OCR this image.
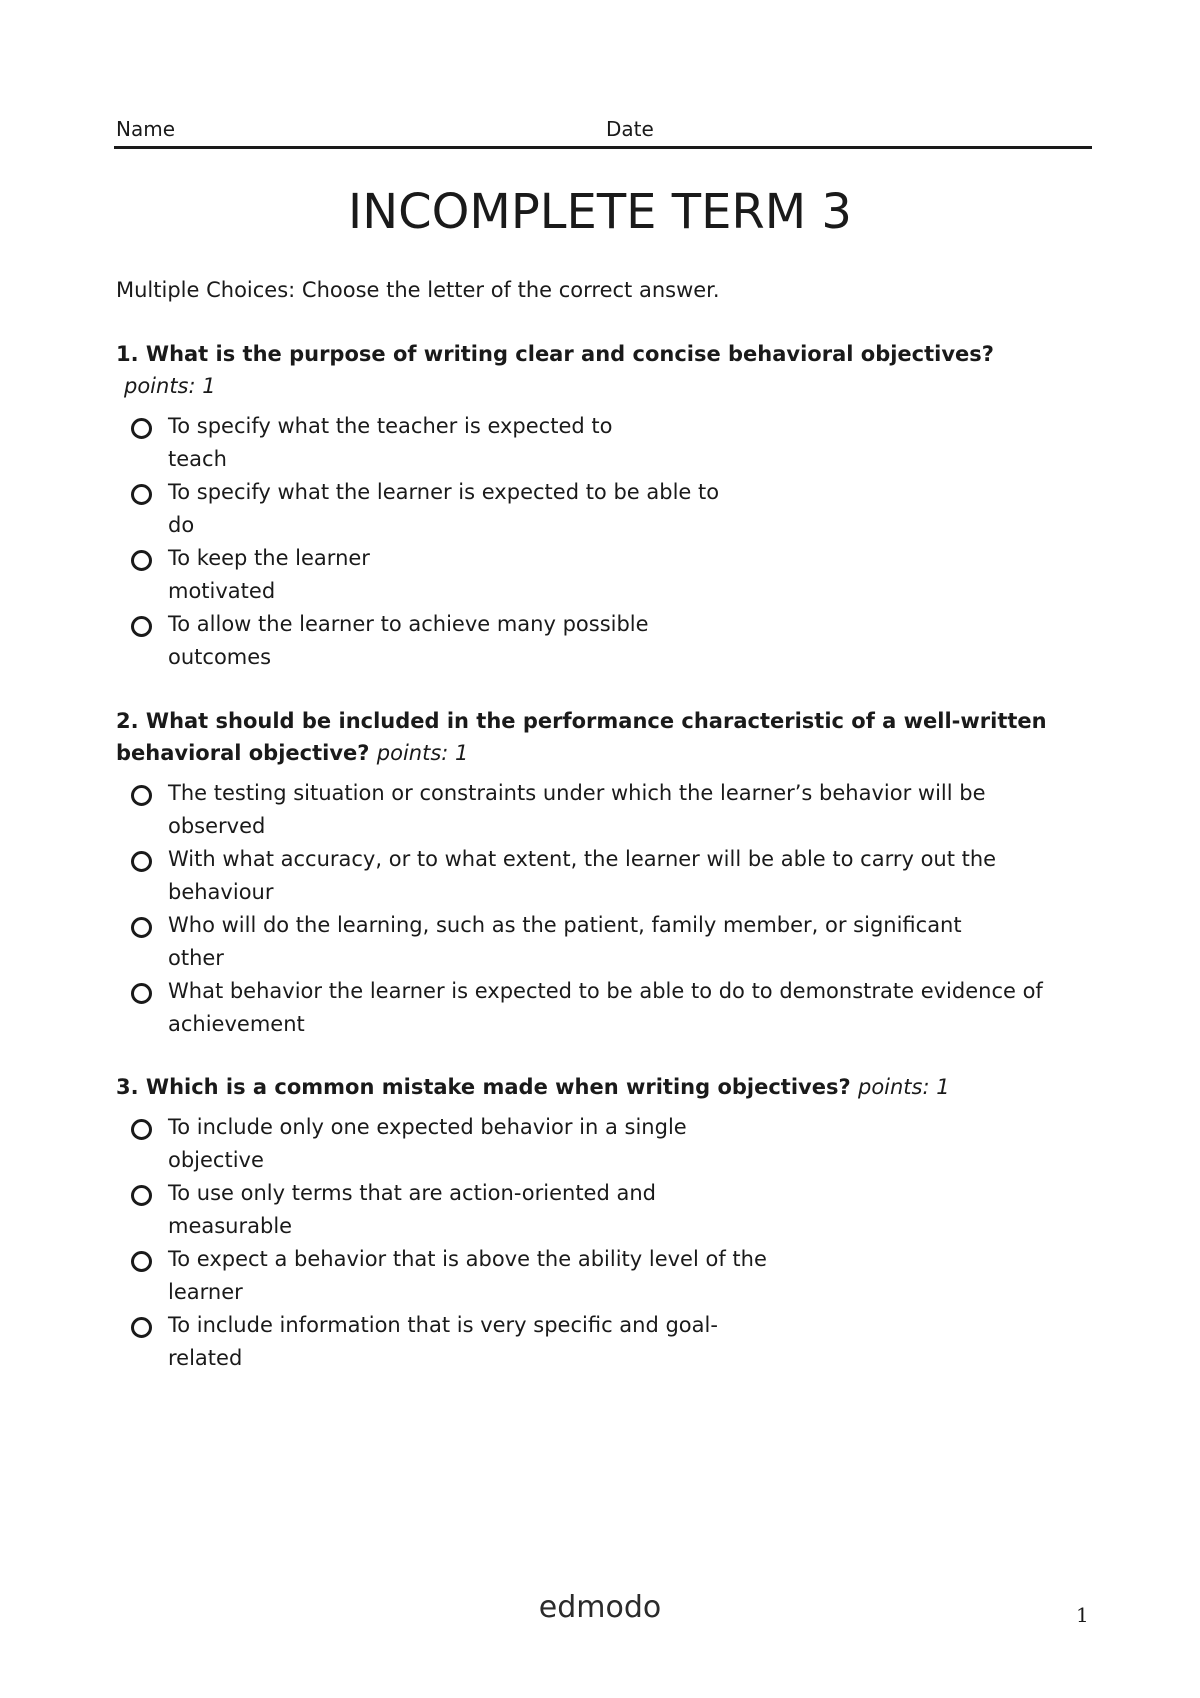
Name	Date
INCOMPLETE TERM 3
Multiple Choices: Choose the letter of the correct answer.
1. What is the purpose of writing clear and concise behavioral objectives?
points: 1
To specify what the teacher is expected to
teach
To specify what the learner is expected to be able to
do
To keep the learner
motivated
To allow the learner to achieve many possible
outcomes
2. What should be included in the performance characteristic of a well-written behavioral objective? points: 1
The testing situation or constraints under which the learner’s behavior will be
observed
With what accuracy, or to what extent, the learner will be able to carry out the
behaviour
Who will do the learning, such as the patient, family member, or significant
other
What behavior the learner is expected to be able to do to demonstrate evidence of
achievement
3. Which is a common mistake made when writing objectives? points: 1
To include only one expected behavior in a single
objective
To use only terms that are action-oriented and
measurable
To expect a behavior that is above the ability level of the
learner
To include information that is very specific and goal-
related
edmodo	1
